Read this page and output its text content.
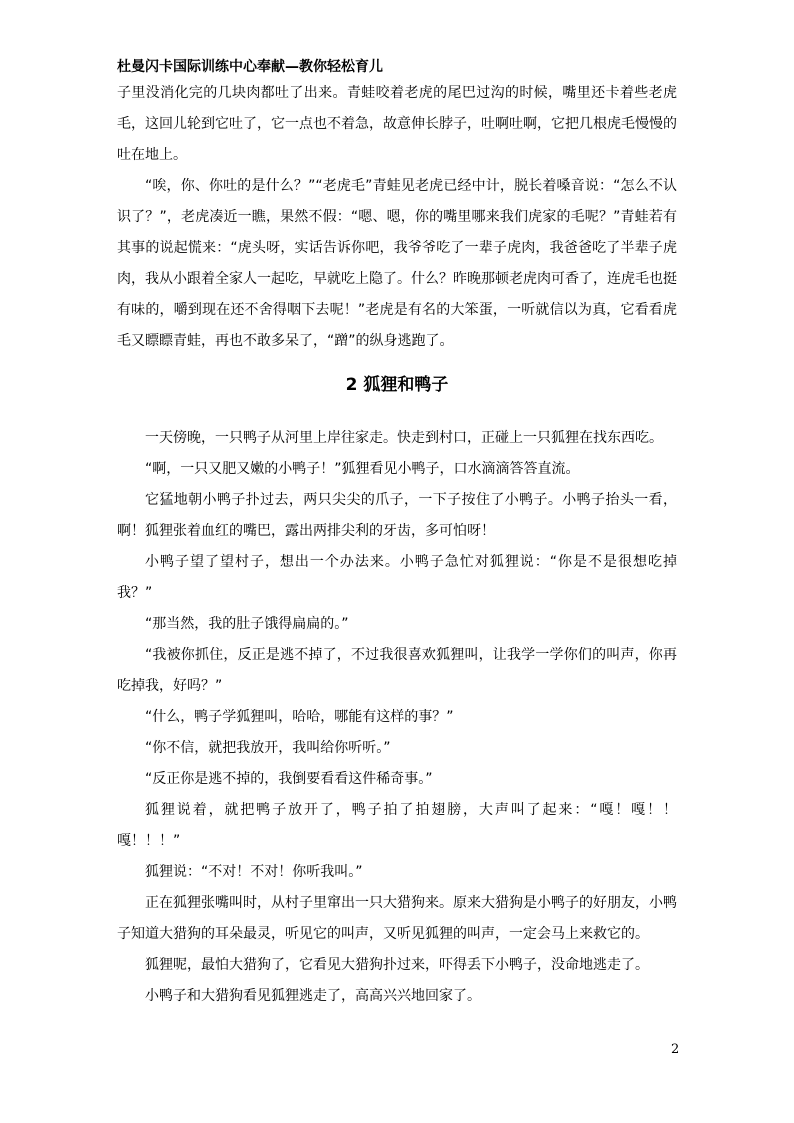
杜曼闪卡国际训练中心奉献—教你轻松育儿

子里没消化完的几块肉都吐了出来。青蛙咬着老虎的尾巴过沟的时候，嘴里还卡着些老虎毛，这回儿轮到它吐了，它一点也不着急，故意伸长脖子，吐啊吐啊，它把几根虎毛慢慢的吐在地上。

“唉，你、你吐的是什么？”“老虎毛”青蛙见老虎已经中计，脱长着嗓音说：“怎么不认识了？”，老虎凑近一瞧，果然不假：“嗯、嗯，你的嘴里哪来我们虎家的毛呢？”青蛙若有其事的说起慌来：“虎头呀，实话告诉你吧，我爷爷吃了一辈子虎肉，我爸爸吃了半辈子虎肉，我从小跟着全家人一起吃，早就吃上隐了。什么？昨晚那顿老虎肉可香了，连虎毛也挺有味的，嚼到现在还不舍得咽下去呢！”老虎是有名的大笨蛋，一听就信以为真，它看看虎毛又瞟瞟青蛙，再也不敢多呆了，“蹭”的纵身逃跑了。

2 狐狸和鸭子

一天傍晚，一只鸭子从河里上岸往家走。快走到村口，正碰上一只狐狸在找东西吃。

“啊，一只又肥又嫩的小鸭子！”狐狸看见小鸭子，口水滴滴答答直流。

它猛地朝小鸭子扑过去，两只尖尖的爪子，一下子按住了小鸭子。小鸭子抬头一看，啊！狐狸张着血红的嘴巴，露出两排尖利的牙齿，多可怕呀！

小鸭子望了望村子，想出一个办法来。小鸭子急忙对狐狸说：“你是不是很想吃掉我？”

“那当然，我的肚子饿得扁扁的。”

“我被你抓住，反正是逃不掉了，不过我很喜欢狐狸叫，让我学一学你们的叫声，你再吃掉我，好吗？”

“什么，鸭子学狐狸叫，哈哈，哪能有这样的事？”

“你不信，就把我放开，我叫给你听听。”

“反正你是逃不掉的，我倒要看看这件稀奇事。”

狐狸说着，就把鸭子放开了，鸭子拍了拍翅膀，大声叫了起来：“嘎！嘎！！嘎！！！”

狐狸说：“不对！不对！你听我叫。”

正在狐狸张嘴叫时，从村子里窜出一只大猎狗来。原来大猎狗是小鸭子的好朋友，小鸭子知道大猎狗的耳朵最灵，听见它的叫声，又听见狐狸的叫声，一定会马上来救它的。

狐狸呢，最怕大猎狗了，它看见大猎狗扑过来，吓得丢下小鸭子，没命地逃走了。

小鸭子和大猎狗看见狐狸逃走了，高高兴兴地回家了。

2
